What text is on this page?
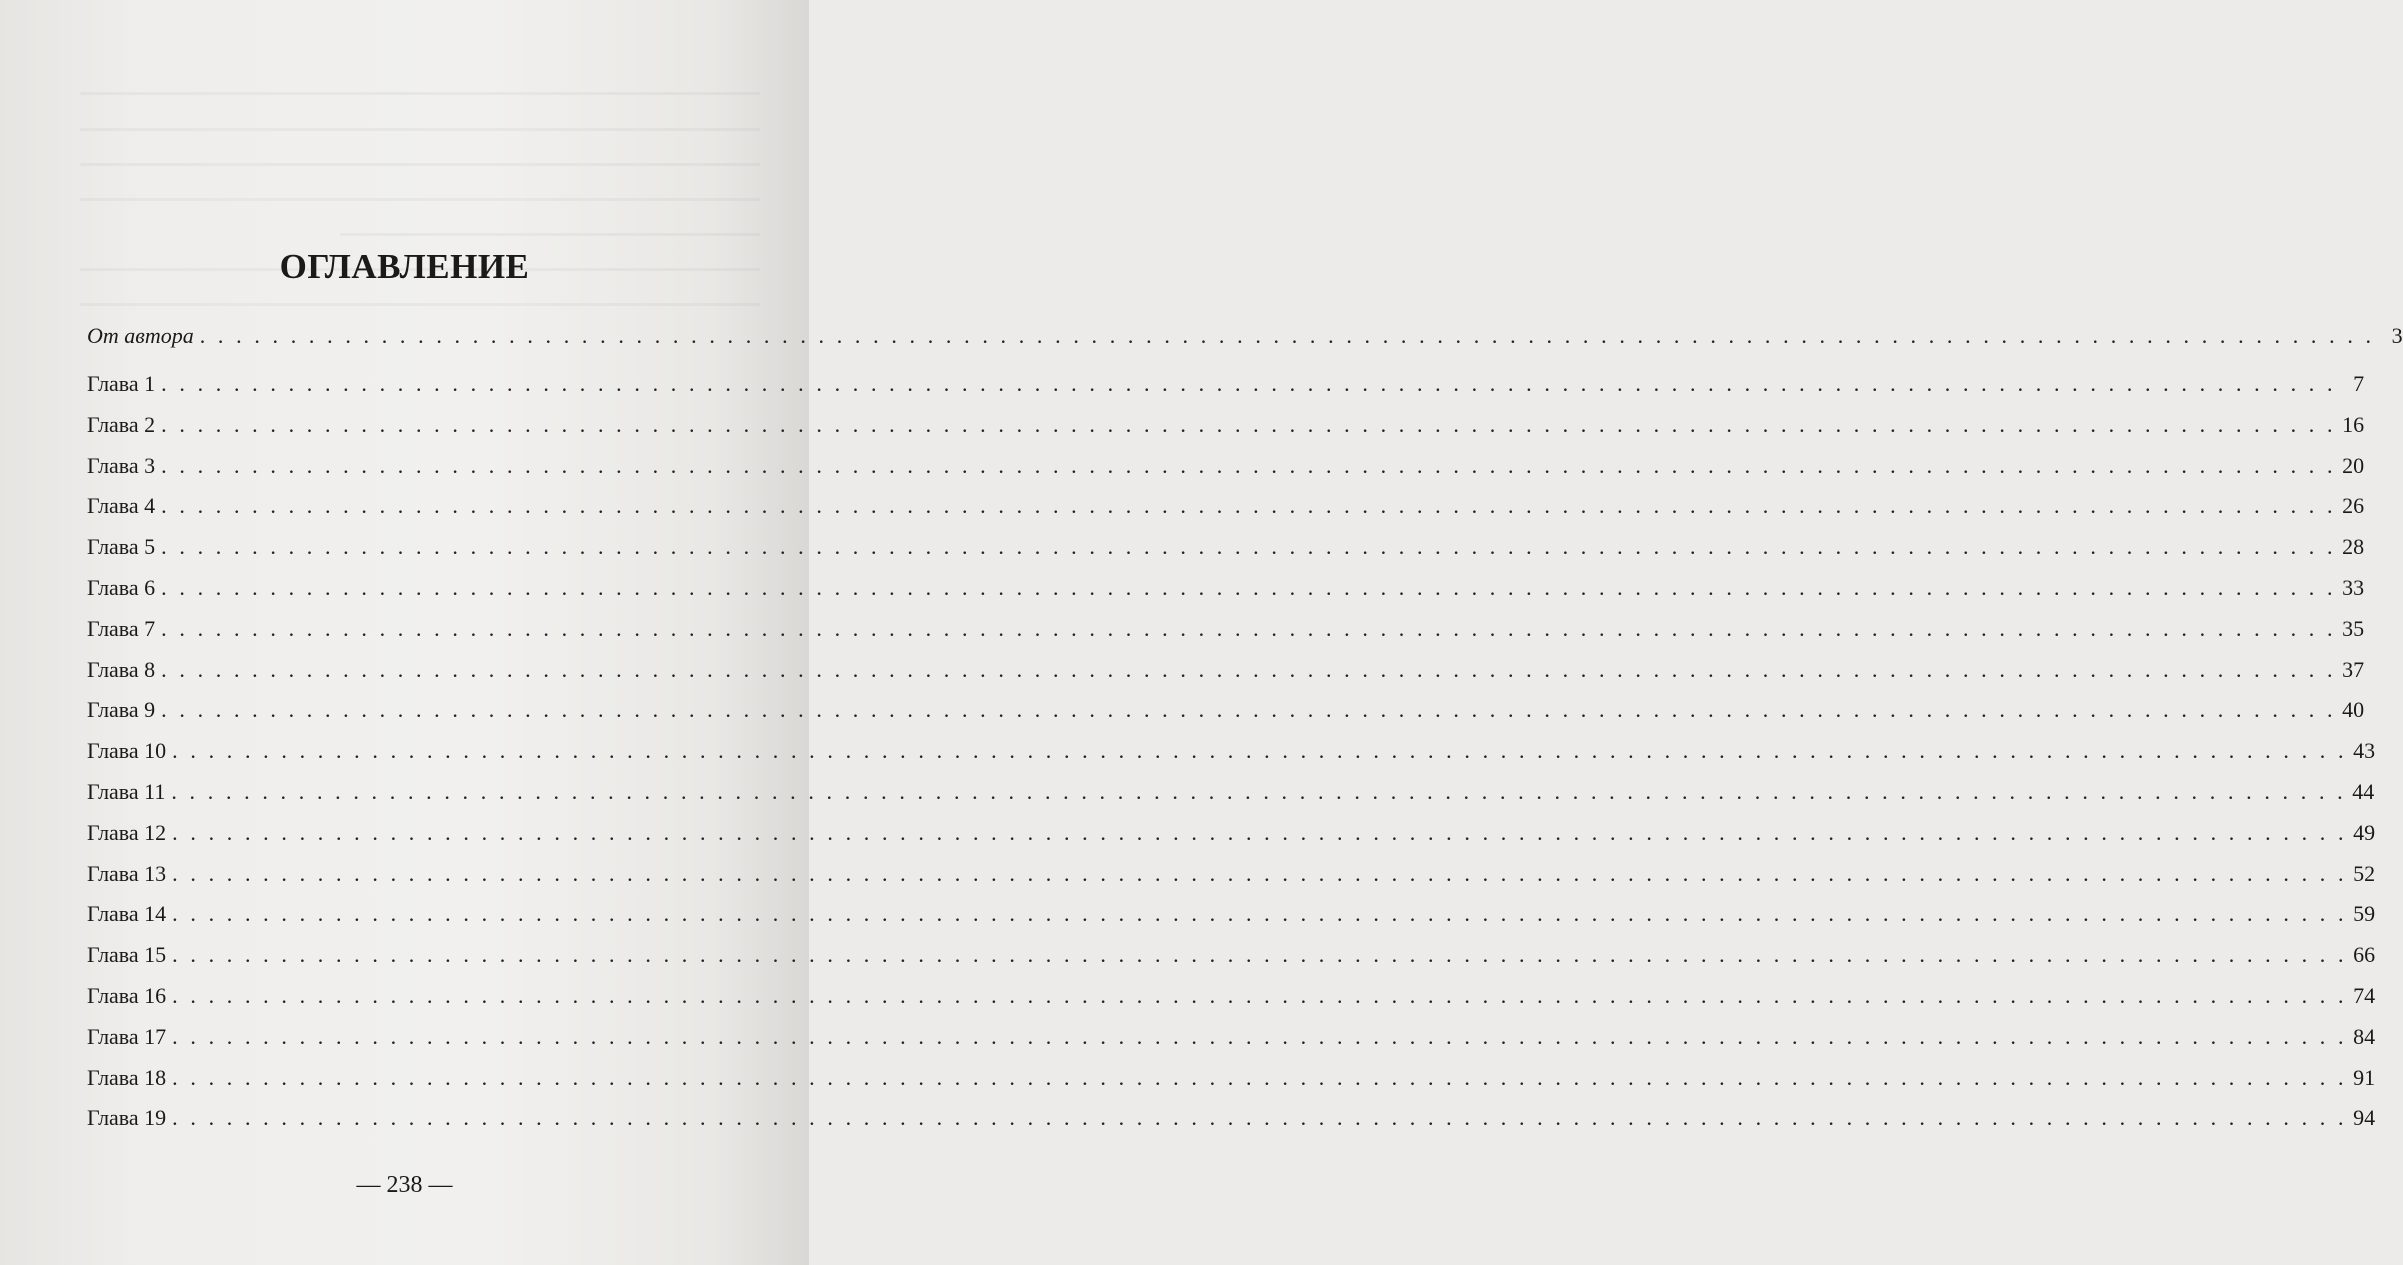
ОГЛАВЛЕНИЕ
От автора . . . . . . . . . . . . . . . . . . . . . . . . . . . . . . . . . . . . . . . . . . . . . . . . . . . . . . . . . . . . . . . . . . . . . . . . . . . . . . . . . . . . . . . . . . . . . . . . . . . . . . . . . . . . . . . . . . . . . . . . 3
Глава 1 . . . . . . . . . . . . . . . . . . . . . . . . . . . . . . . . . . . . . . . . . . . . . . . . . . . . . . . . . . . . . . . . . . . . . . . . . . . . . . . . . . . . . . . . . . . . . . . . . . . . . . . . . . . . . . . . . . . . . . . . 7
Глава 2 . . . . . . . . . . . . . . . . . . . . . . . . . . . . . . . . . . . . . . . . . . . . . . . . . . . . . . . . . . . . . . . . . . . . . . . . . . . . . . . . . . . . . . . . . . . . . . . . . . . . . . . . . . . . . . . . . . . . . . . . 16
Глава 3 . . . . . . . . . . . . . . . . . . . . . . . . . . . . . . . . . . . . . . . . . . . . . . . . . . . . . . . . . . . . . . . . . . . . . . . . . . . . . . . . . . . . . . . . . . . . . . . . . . . . . . . . . . . . . . . . . . . . . . . . 20
Глава 4 . . . . . . . . . . . . . . . . . . . . . . . . . . . . . . . . . . . . . . . . . . . . . . . . . . . . . . . . . . . . . . . . . . . . . . . . . . . . . . . . . . . . . . . . . . . . . . . . . . . . . . . . . . . . . . . . . . . . . . . . 26
Глава 5 . . . . . . . . . . . . . . . . . . . . . . . . . . . . . . . . . . . . . . . . . . . . . . . . . . . . . . . . . . . . . . . . . . . . . . . . . . . . . . . . . . . . . . . . . . . . . . . . . . . . . . . . . . . . . . . . . . . . . . . . 28
Глава 6 . . . . . . . . . . . . . . . . . . . . . . . . . . . . . . . . . . . . . . . . . . . . . . . . . . . . . . . . . . . . . . . . . . . . . . . . . . . . . . . . . . . . . . . . . . . . . . . . . . . . . . . . . . . . . . . . . . . . . . . . 33
Глава 7 . . . . . . . . . . . . . . . . . . . . . . . . . . . . . . . . . . . . . . . . . . . . . . . . . . . . . . . . . . . . . . . . . . . . . . . . . . . . . . . . . . . . . . . . . . . . . . . . . . . . . . . . . . . . . . . . . . . . . . . . 35
Глава 8 . . . . . . . . . . . . . . . . . . . . . . . . . . . . . . . . . . . . . . . . . . . . . . . . . . . . . . . . . . . . . . . . . . . . . . . . . . . . . . . . . . . . . . . . . . . . . . . . . . . . . . . . . . . . . . . . . . . . . . . . 37
Глава 9 . . . . . . . . . . . . . . . . . . . . . . . . . . . . . . . . . . . . . . . . . . . . . . . . . . . . . . . . . . . . . . . . . . . . . . . . . . . . . . . . . . . . . . . . . . . . . . . . . . . . . . . . . . . . . . . . . . . . . . . . 40
Глава 10 . . . . . . . . . . . . . . . . . . . . . . . . . . . . . . . . . . . . . . . . . . . . . . . . . . . . . . . . . . . . . . . . . . . . . . . . . . . . . . . . . . . . . . . . . . . . . . . . . . . . . . . . . . . . . . . . . . . . . . . . 43
Глава 11 . . . . . . . . . . . . . . . . . . . . . . . . . . . . . . . . . . . . . . . . . . . . . . . . . . . . . . . . . . . . . . . . . . . . . . . . . . . . . . . . . . . . . . . . . . . . . . . . . . . . . . . . . . . . . . . . . . . . . . . . 44
Глава 12 . . . . . . . . . . . . . . . . . . . . . . . . . . . . . . . . . . . . . . . . . . . . . . . . . . . . . . . . . . . . . . . . . . . . . . . . . . . . . . . . . . . . . . . . . . . . . . . . . . . . . . . . . . . . . . . . . . . . . . . . 49
Глава 13 . . . . . . . . . . . . . . . . . . . . . . . . . . . . . . . . . . . . . . . . . . . . . . . . . . . . . . . . . . . . . . . . . . . . . . . . . . . . . . . . . . . . . . . . . . . . . . . . . . . . . . . . . . . . . . . . . . . . . . . . 52
Глава 14 . . . . . . . . . . . . . . . . . . . . . . . . . . . . . . . . . . . . . . . . . . . . . . . . . . . . . . . . . . . . . . . . . . . . . . . . . . . . . . . . . . . . . . . . . . . . . . . . . . . . . . . . . . . . . . . . . . . . . . . . 59
Глава 15 . . . . . . . . . . . . . . . . . . . . . . . . . . . . . . . . . . . . . . . . . . . . . . . . . . . . . . . . . . . . . . . . . . . . . . . . . . . . . . . . . . . . . . . . . . . . . . . . . . . . . . . . . . . . . . . . . . . . . . . . 66
Глава 16 . . . . . . . . . . . . . . . . . . . . . . . . . . . . . . . . . . . . . . . . . . . . . . . . . . . . . . . . . . . . . . . . . . . . . . . . . . . . . . . . . . . . . . . . . . . . . . . . . . . . . . . . . . . . . . . . . . . . . . . . 74
Глава 17 . . . . . . . . . . . . . . . . . . . . . . . . . . . . . . . . . . . . . . . . . . . . . . . . . . . . . . . . . . . . . . . . . . . . . . . . . . . . . . . . . . . . . . . . . . . . . . . . . . . . . . . . . . . . . . . . . . . . . . . . 84
Глава 18 . . . . . . . . . . . . . . . . . . . . . . . . . . . . . . . . . . . . . . . . . . . . . . . . . . . . . . . . . . . . . . . . . . . . . . . . . . . . . . . . . . . . . . . . . . . . . . . . . . . . . . . . . . . . . . . . . . . . . . . . 91
Глава 19 . . . . . . . . . . . . . . . . . . . . . . . . . . . . . . . . . . . . . . . . . . . . . . . . . . . . . . . . . . . . . . . . . . . . . . . . . . . . . . . . . . . . . . . . . . . . . . . . . . . . . . . . . . . . . . . . . . . . . . . . 94
— 238 —
